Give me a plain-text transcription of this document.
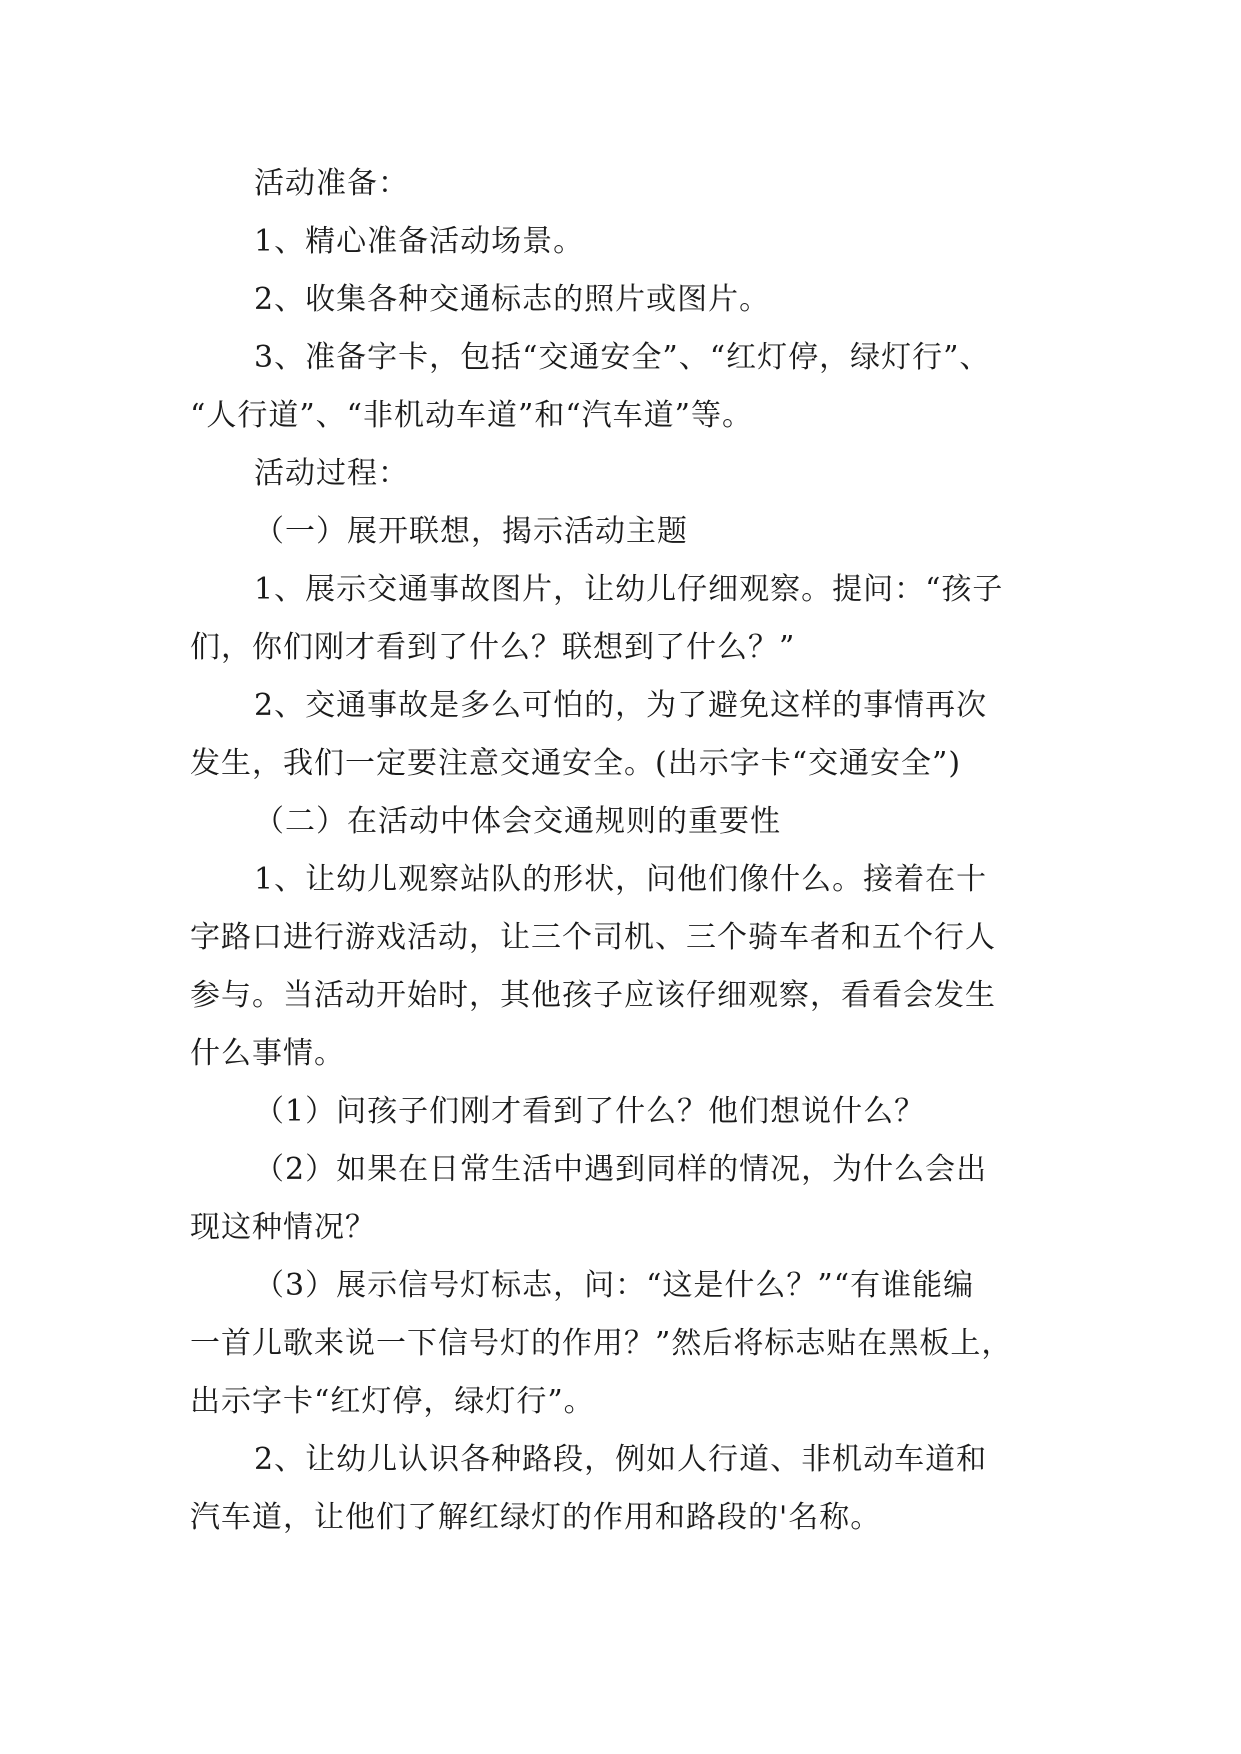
活动准备：
1、精心准备活动场景。
2、收集各种交通标志的照片或图片。
3、准备字卡，包括“交通安全”、“红灯停，绿灯行”、
“人行道”、“非机动车道”和“汽车道”等。
活动过程：
（一）展开联想，揭示活动主题
1、展示交通事故图片，让幼儿仔细观察。提问：“孩子
们，你们刚才看到了什么？联想到了什么？”
2、交通事故是多么可怕的，为了避免这样的事情再次
发生，我们一定要注意交通安全。(出示字卡“交通安全”)
（二）在活动中体会交通规则的重要性
1、让幼儿观察站队的形状，问他们像什么。接着在十
字路口进行游戏活动，让三个司机、三个骑车者和五个行人
参与。当活动开始时，其他孩子应该仔细观察，看看会发生
什么事情。
（1）问孩子们刚才看到了什么？他们想说什么？
（2）如果在日常生活中遇到同样的情况，为什么会出
现这种情况？
（3）展示信号灯标志，问：“这是什么？”“有谁能编
一首儿歌来说一下信号灯的作用？”然后将标志贴在黑板上，
出示字卡“红灯停，绿灯行”。
2、让幼儿认识各种路段，例如人行道、非机动车道和
汽车道，让他们了解红绿灯的作用和路段的'名称。
